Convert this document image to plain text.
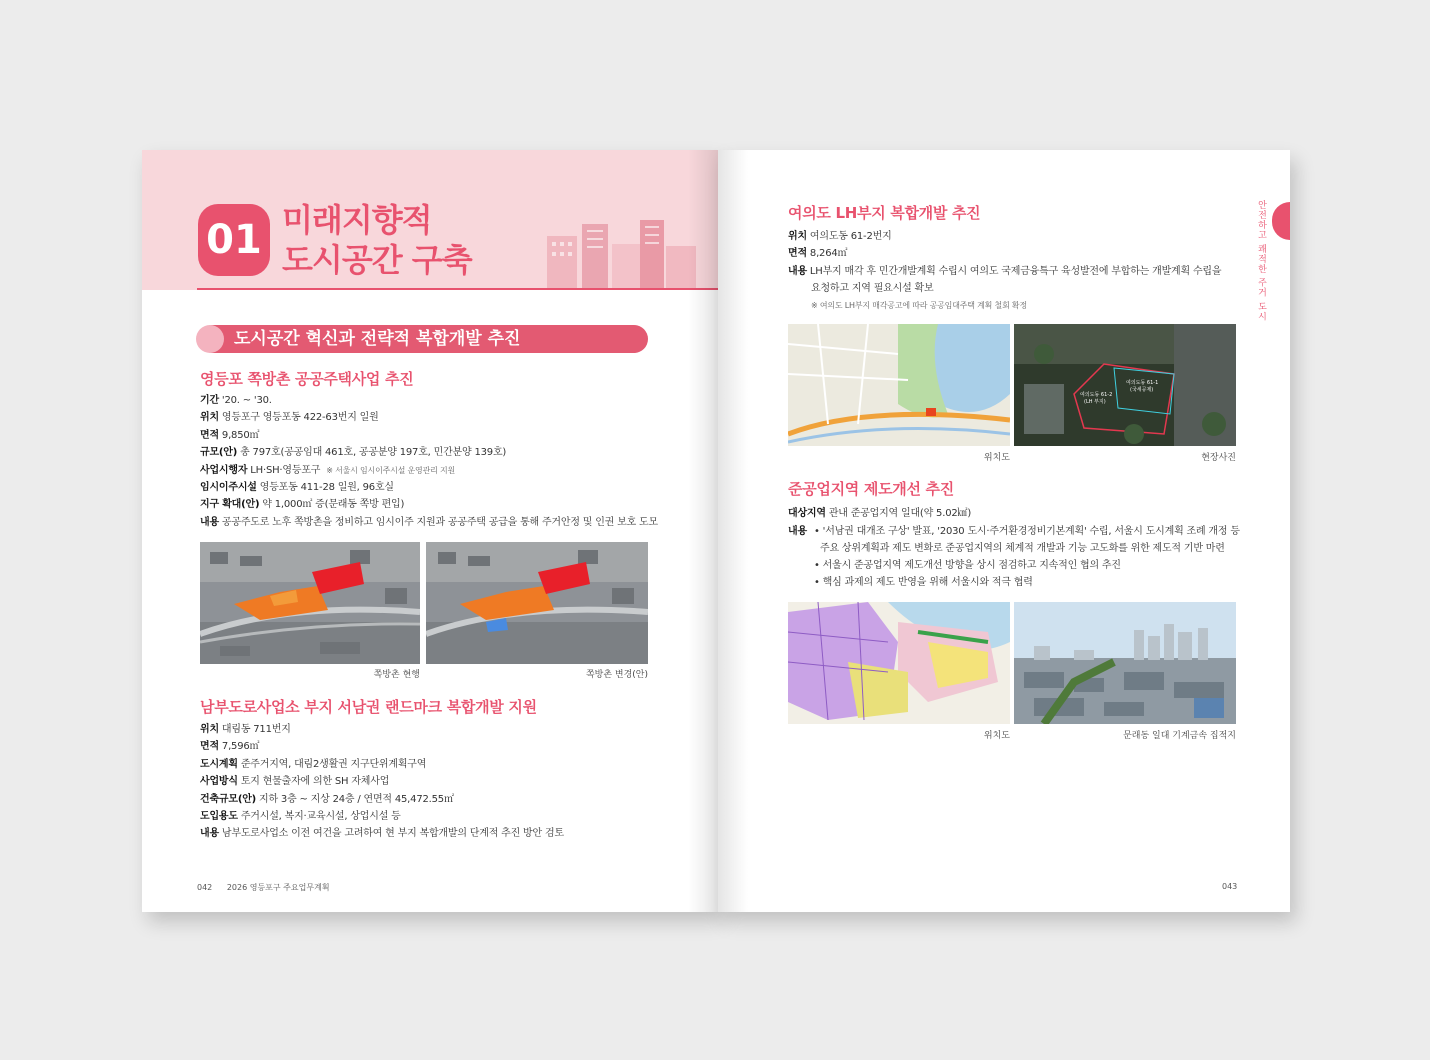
01 미래지향적
도시공간 구축
도시공간 혁신과 전략적 복합개발 추진
영등포 쪽방촌 공공주택사업 추진
기간 '20. ~ '30.
위치 영등포구 영등포동 422-63번지 일원
면적 9,850㎡
규모(안) 총 797호(공공임대 461호, 공공분양 197호, 민간분양 139호)
사업시행자 LH·SH·영등포구 ※ 서울시 임시이주시설 운영관리 지원
임시이주시설 영등포동 411-28 일원, 96호실
지구 확대(안) 약 1,000㎡ 증(문래동 쪽방 편입)
내용 공공주도로 노후 쪽방촌을 정비하고 임시이주 지원과 공공주택 공급을 통해 주거안정 및 인권 보호 도모
쪽방촌 현행	쪽방촌 변경(안)
남부도로사업소 부지 서남권 랜드마크 복합개발 지원
위치 대림동 711번지
면적 7,596㎡
도시계획 준주거지역, 대림2생활권 지구단위계획구역
사업방식 토지 현물출자에 의한 SH 자체사업
건축규모(안) 지하 3층 ~ 지상 24층 / 연면적 45,472.55㎡
도입용도 주거시설, 복지·교육시설, 상업시설 등
내용 남부도로사업소 이전 여건을 고려하여 현 부지 복합개발의 단계적 추진 방안 검토
042 2026 영등포구 주요업무계획
안전하고 쾌적한 주거 도시
여의도 LH부지 복합개발 추진
위치 여의도동 61-2번지
면적 8,264㎡
내용 LH부지 매각 후 민간개발계획 수립시 여의도 국제금융특구 육성발전에 부합하는 개발계획 수립을
요청하고 지역 필요시설 확보
※ 여의도 LH부지 매각공고에 따라 공공임대주택 계획 철회 확정
여의도동 61-2
(LH 부지)
여의도동 61-1
(국세공제)
위치도	현장사진
준공업지역 제도개선 추진
대상지역 관내 준공업지역 일대(약 5.02㎢)
내용 • '서남권 대개조 구상' 발표, '2030 도시·주거환경정비기본계획' 수립, 서울시 도시계획 조례 개정 등
주요 상위계획과 제도 변화로 준공업지역의 체계적 개발과 기능 고도화를 위한 제도적 기반 마련
• 서울시 준공업지역 제도개선 방향을 상시 점검하고 지속적인 협의 추진
• 핵심 과제의 제도 반영을 위해 서울시와 적극 협력
위치도	문래동 일대 기계금속 집적지
043
